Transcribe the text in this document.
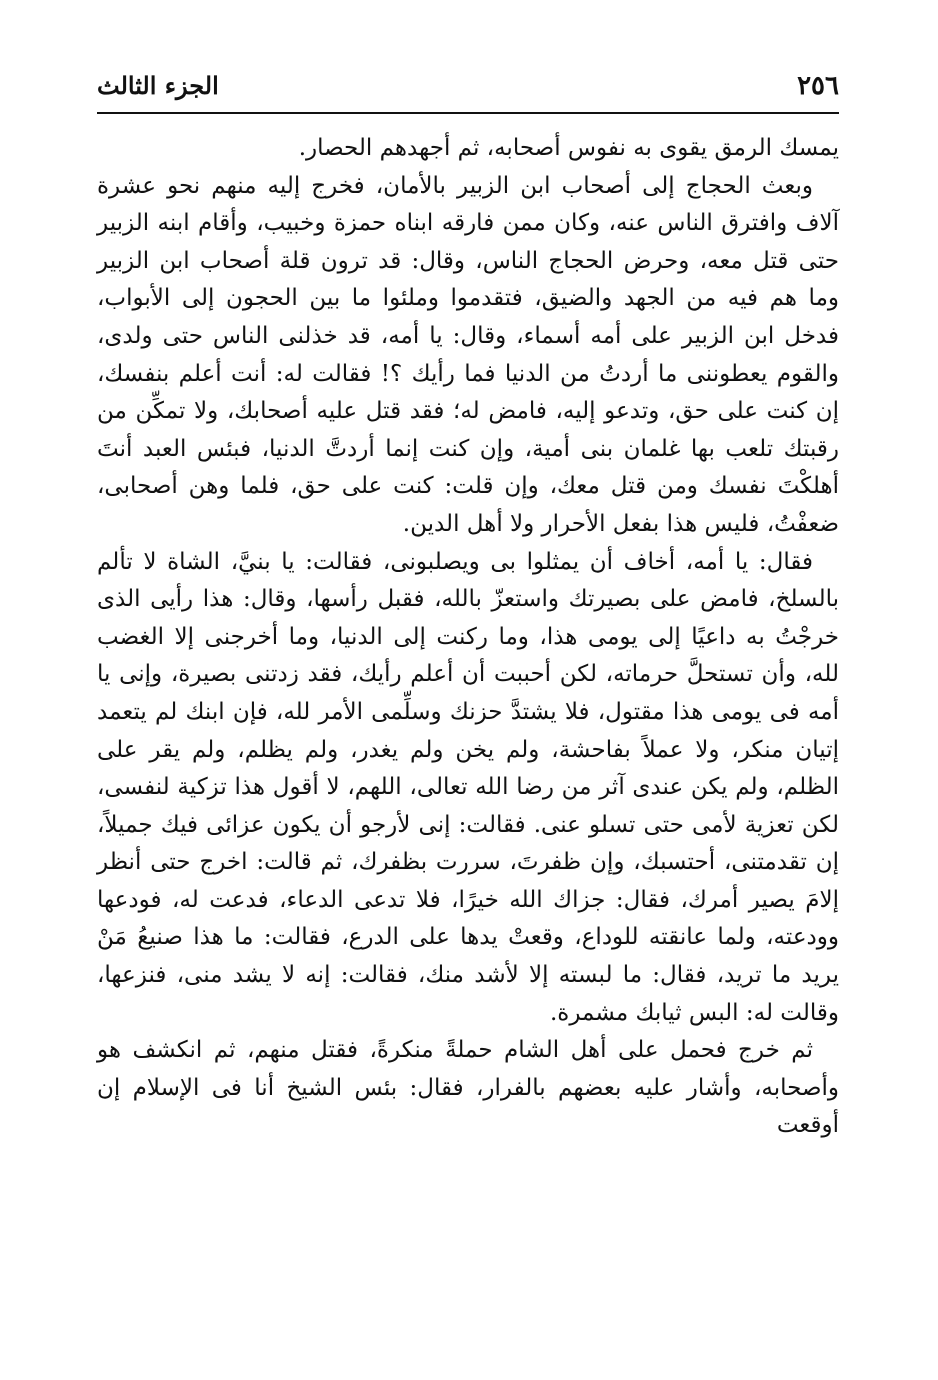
٢٥٦
الجزء الثالث

يمسك الرمق يقوى به نفوس أصحابه، ثم أجهدهم الحصار.

وبعث الحجاج إلى أصحاب ابن الزبير بالأمان، فخرج إليه منهم نحو عشرة آلاف وافترق الناس عنه، وكان ممن فارقه ابناه حمزة وخبيب، وأقام ابنه الزبير حتى قتل معه، وحرض الحجاج الناس، وقال: قد ترون قلة أصحاب ابن الزبير وما هم فيه من الجهد والضيق، فتقدموا وملئوا ما بين الحجون إلى الأبواب، فدخل ابن الزبير على أمه أسماء، وقال: يا أمه، قد خذلنى الناس حتى ولدى، والقوم يعطوننى ما أردتُ من الدنيا فما رأيك ؟! فقالت له: أنت أعلم بنفسك، إن كنت على حق، وتدعو إليه، فامض له؛ فقد قتل عليه أصحابك، ولا تمكِّن من رقبتك تلعب بها غلمان بنى أمية، وإن كنت إنما أردتَّ الدنيا، فبئس العبد أنتَ أهلكْتَ نفسك ومن قتل معك، وإن قلت: كنت على حق، فلما وهن أصحابى، ضعفْتُ، فليس هذا بفعل الأحرار ولا أهل الدين.

فقال: يا أمه، أخاف أن يمثلوا بى ويصلبونى، فقالت: يا بنيَّ، الشاة لا تألم بالسلخ، فامض على بصيرتك واستعزّ بالله، فقبل رأسها، وقال: هذا رأيى الذى خرجْتُ به داعيًا إلى يومى هذا، وما ركنت إلى الدنيا، وما أخرجنى إلا الغضب لله، وأن تستحلَّ حرماته، لكن أحببت أن أعلم رأيك، فقد زدتنى بصيرة، وإنى يا أمه فى يومى هذا مقتول، فلا يشتدَّ حزنك وسلِّمى الأمر لله، فإن ابنك لم يتعمد إتيان منكر، ولا عملاً بفاحشة، ولم يخن ولم يغدر، ولم يظلم، ولم يقر على الظلم، ولم يكن عندى آثر من رضا الله تعالى، اللهم، لا أقول هذا تزكية لنفسى، لكن تعزية لأمى حتى تسلو عنى. فقالت: إنى لأرجو أن يكون عزائى فيك جميلاً، إن تقدمتنى، أحتسبك، وإن ظفرتَ، سررت بظفرك، ثم قالت: اخرج حتى أنظر إلامَ يصير أمرك، فقال: جزاك الله خيرًا، فلا تدعى الدعاء، فدعت له، فودعها وودعته، ولما عانقته للوداع، وقعتْ يدها على الدرع، فقالت: ما هذا صنيعُ مَنْ يريد ما تريد، فقال: ما لبسته إلا لأشد منك، فقالت: إنه لا يشد منى، فنزعها، وقالت له: البس ثيابك مشمرة.

ثم خرج فحمل على أهل الشام حملةً منكرةً، فقتل منهم، ثم انكشف هو وأصحابه، وأشار عليه بعضهم بالفرار، فقال: بئس الشيخ أنا فى الإسلام إن أوقعت
